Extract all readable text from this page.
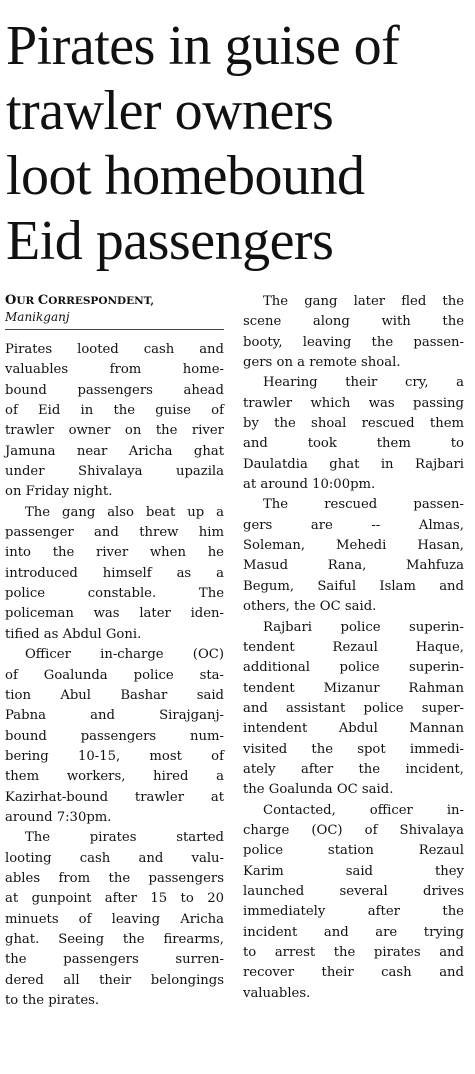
Pirates in guise of
trawler owners
loot homebound
Eid passengers

OUR CORRESPONDENT,

Manikganj

Pirates looted cash and
valuables from home-
bound passengers ahead
of Eid in the guise of
trawler owner on the river
Jamuna near Aricha ghat
under Shivalaya upazila
on Friday night.

The gang also beat up a
passenger and threw him
into the river when he
introduced himself as a
police constable. The
policeman was later iden-
tified as Abdul Goni.

Officer in-charge (OC)
of Goalunda police sta-
tion Abul Bashar said
Pabna and Sirajganj-
bound passengers num-
bering 10-15, most of
them workers, hired a
Kazirhat-bound trawler at
around 7:30pm.

The pirates started
looting cash and valu-
ables from the passengers
at gunpoint after 15 to 20
minuets of leaving Aricha
ghat. Seeing the firearms,
the passengers surren-
dered all their belongings
to the pirates.

The gang later fled the
scene along with the
booty, leaving the passen-
gers on a remote shoal.

Hearing their cry, a
trawler which was passing
by the shoal rescued them
and took them to
Daulatdia ghat in Rajbari
at around 10:00pm.

The rescued passen-
gers are -- Almas,
Soleman, Mehedi Hasan,
Masud Rana, Mahfuza
Begum, Saiful Islam and
others, the OC said.

Rajbari police superin-
tendent Rezaul Haque,
additional police superin-
tendent Mizanur Rahman
and assistant police super-
intendent Abdul Mannan
visited the spot immedi-
ately after the incident,
the Goalunda OC said.

Contacted, officer in-
charge (OC) of Shivalaya
police station Rezaul
Karim said they
launched several drives
immediately after the
incident and are trying
to arrest the pirates and
recover their cash and
valuables.
